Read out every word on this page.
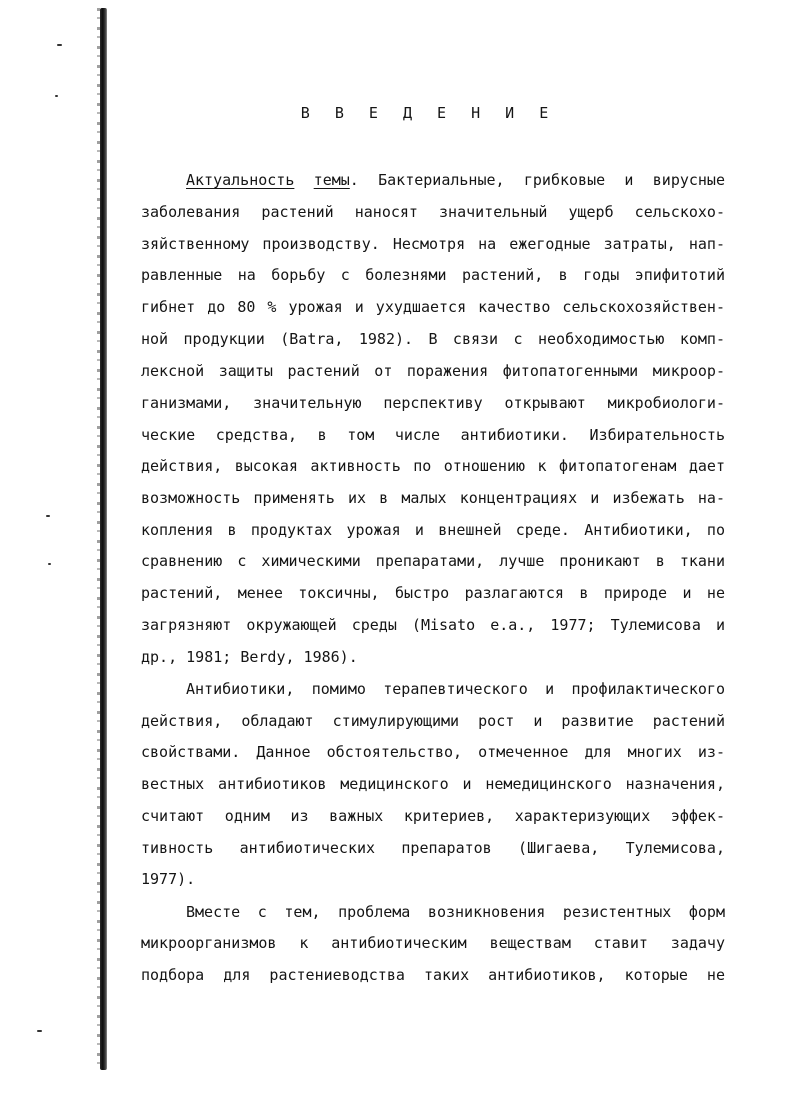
В В Е Д Е Н И Е

Актуальность темы. Бактериальные, грибковые и вирусные

заболевания растений наносят значительный ущерб сельскохо-

зяйственному производству. Несмотря на ежегодные затраты, нап-

равленные на борьбу с болезнями растений, в годы эпифитотий

гибнет до 80 % урожая и ухудшается качество сельскохозяйствен-

ной продукции (Batra, 1982). В связи с необходимостью комп-

лексной защиты растений от поражения фитопатогенными микроор-

ганизмами, значительную перспективу открывают микробиологи-

ческие средства, в том числе антибиотики. Избирательность

действия, высокая активность по отношению к фитопатогенам дает

возможность применять их в малых концентрациях и избежать на-

копления в продуктах урожая и внешней среде. Антибиотики, по

сравнению с химическими препаратами, лучше проникают в ткани

растений, менее токсичны, быстро разлагаются в природе и не

загрязняют окружающей среды (Misato e.a., 1977; Тулемисова и

др., 1981; Berdy, 1986).

Антибиотики, помимо терапевтического и профилактического

действия, обладают стимулирующими рост и развитие растений

свойствами. Данное обстоятельство, отмеченное для многих из-

вестных антибиотиков медицинского и немедицинского назначения,

считают одним из важных критериев, характеризующих эффек-

тивность антибиотических препаратов (Шигаева, Тулемисова,

1977).

Вместе с тем, проблема возникновения резистентных форм

микроорганизмов к антибиотическим веществам ставит задачу

подбора для растениеводства таких антибиотиков, которые не
